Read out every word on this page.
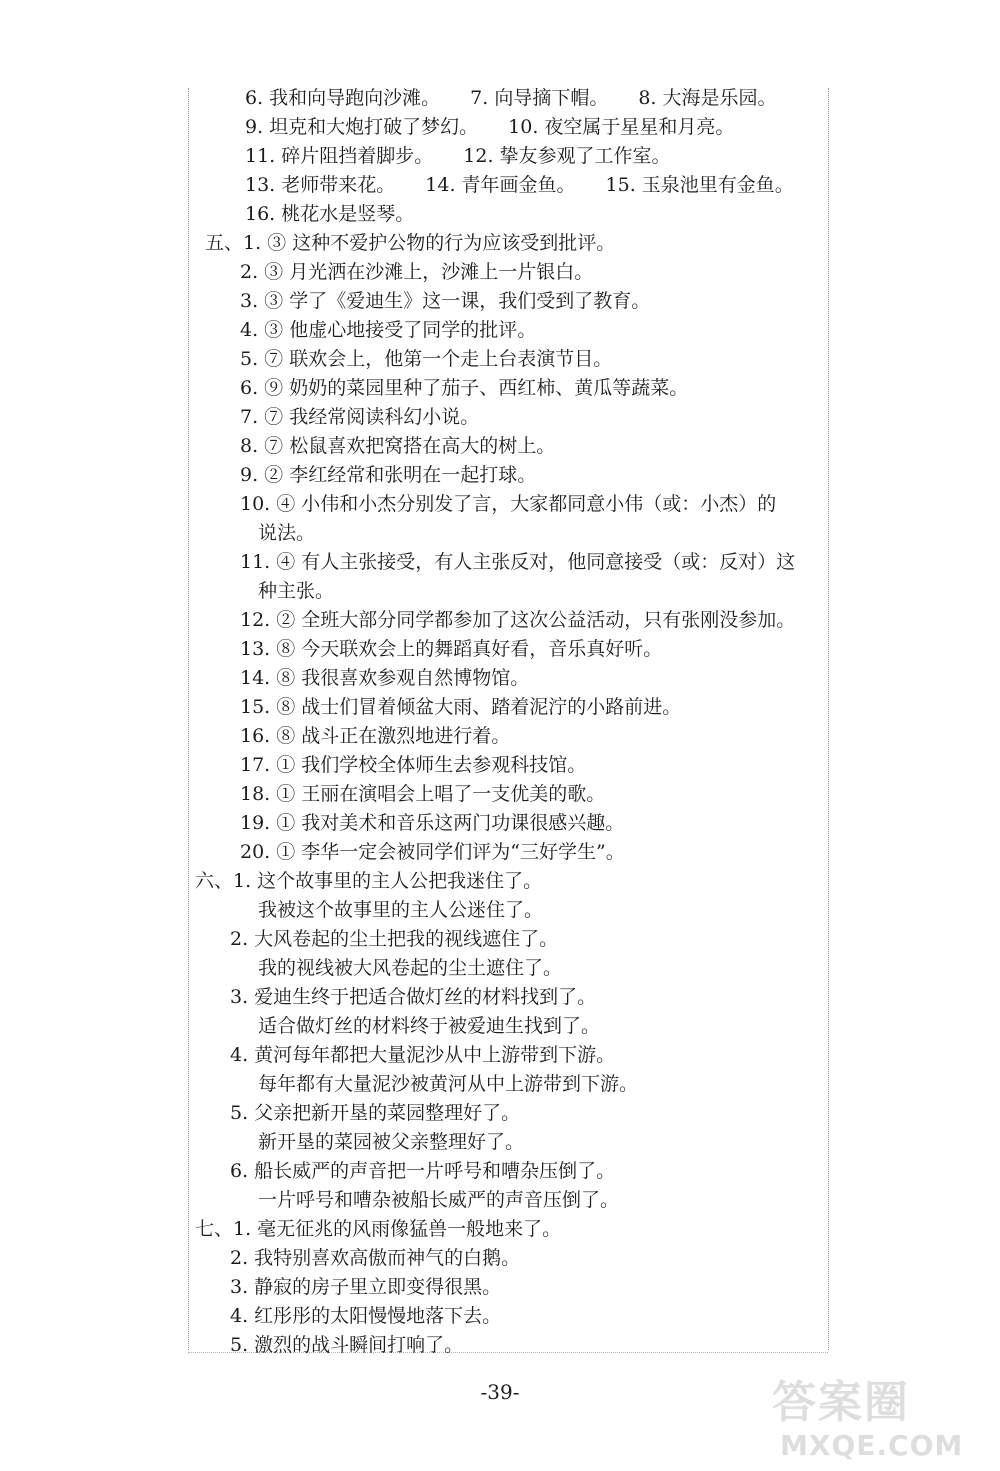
6. 我和向导跑向沙滩。 7. 向导摘下帽。 8. 大海是乐园。
9. 坦克和大炮打破了梦幻。 10. 夜空属于星星和月亮。
11. 碎片阻挡着脚步。 12. 挚友参观了工作室。
13. 老师带来花。 14. 青年画金鱼。 15. 玉泉池里有金鱼。
16. 桃花水是竖琴。
五、1. ③ 这种不爱护公物的行为应该受到批评。
2. ③ 月光洒在沙滩上，沙滩上一片银白。
3. ③ 学了《爱迪生》这一课，我们受到了教育。
4. ③ 他虚心地接受了同学的批评。
5. ⑦ 联欢会上，他第一个走上台表演节目。
6. ⑨ 奶奶的菜园里种了茄子、西红柿、黄瓜等蔬菜。
7. ⑦ 我经常阅读科幻小说。
8. ⑦ 松鼠喜欢把窝搭在高大的树上。
9. ② 李红经常和张明在一起打球。
10. ④ 小伟和小杰分别发了言，大家都同意小伟（或：小杰）的
说法。
11. ④ 有人主张接受，有人主张反对，他同意接受（或：反对）这
种主张。
12. ② 全班大部分同学都参加了这次公益活动，只有张刚没参加。
13. ⑧ 今天联欢会上的舞蹈真好看，音乐真好听。
14. ⑧ 我很喜欢参观自然博物馆。
15. ⑧ 战士们冒着倾盆大雨、踏着泥泞的小路前进。
16. ⑧ 战斗正在激烈地进行着。
17. ① 我们学校全体师生去参观科技馆。
18. ① 王丽在演唱会上唱了一支优美的歌。
19. ① 我对美术和音乐这两门功课很感兴趣。
20. ① 李华一定会被同学们评为“三好学生”。
六、1. 这个故事里的主人公把我迷住了。
我被这个故事里的主人公迷住了。
2. 大风卷起的尘土把我的视线遮住了。
我的视线被大风卷起的尘土遮住了。
3. 爱迪生终于把适合做灯丝的材料找到了。
适合做灯丝的材料终于被爱迪生找到了。
4. 黄河每年都把大量泥沙从中上游带到下游。
每年都有大量泥沙被黄河从中上游带到下游。
5. 父亲把新开垦的菜园整理好了。
新开垦的菜园被父亲整理好了。
6. 船长威严的声音把一片呼号和嘈杂压倒了。
一片呼号和嘈杂被船长威严的声音压倒了。
七、1. 毫无征兆的风雨像猛兽一般地来了。
2. 我特别喜欢高傲而神气的白鹅。
3. 静寂的房子里立即变得很黑。
4. 红彤彤的太阳慢慢地落下去。
5. 激烈的战斗瞬间打响了。
-39-	答案圈
MXQE.COM
